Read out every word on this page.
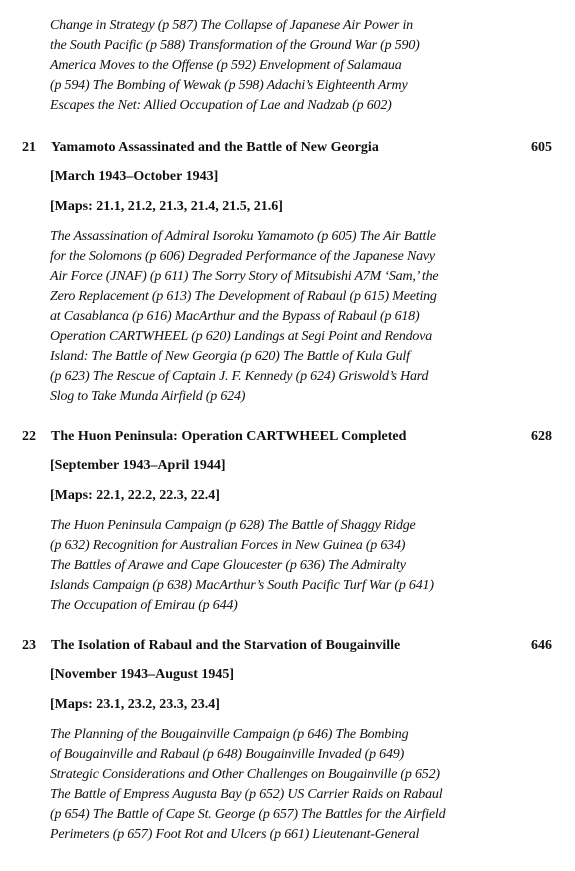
Change in Strategy (p 587) The Collapse of Japanese Air Power in
the South Pacific (p 588) Transformation of the Ground War (p 590)
America Moves to the Offense (p 592) Envelopment of Salamaua
(p 594) The Bombing of Wewak (p 598) Adachi’s Eighteenth Army
Escapes the Net: Allied Occupation of Lae and Nadzab (p 602)
21 Yamamoto Assassinated and the Battle of New Georgia	605
[March 1943–October 1943]
[Maps: 21.1, 21.2, 21.3, 21.4, 21.5, 21.6]
The Assassination of Admiral Isoroku Yamamoto (p 605) The Air Battle
for the Solomons (p 606) Degraded Performance of the Japanese Navy
Air Force (JNAF) (p 611) The Sorry Story of Mitsubishi A7M ‘Sam,’ the
Zero Replacement (p 613) The Development of Rabaul (p 615) Meeting
at Casablanca (p 616) MacArthur and the Bypass of Rabaul (p 618)
Operation CARTWHEEL (p 620) Landings at Segi Point and Rendova
Island: The Battle of New Georgia (p 620) The Battle of Kula Gulf
(p 623) The Rescue of Captain J. F. Kennedy (p 624) Griswold’s Hard
Slog to Take Munda Airfield (p 624)
22 The Huon Peninsula: Operation CARTWHEEL Completed	628
[September 1943–April 1944]
[Maps: 22.1, 22.2, 22.3, 22.4]
The Huon Peninsula Campaign (p 628) The Battle of Shaggy Ridge
(p 632) Recognition for Australian Forces in New Guinea (p 634)
The Battles of Arawe and Cape Gloucester (p 636) The Admiralty
Islands Campaign (p 638) MacArthur’s South Pacific Turf War (p 641)
The Occupation of Emirau (p 644)
23 The Isolation of Rabaul and the Starvation of Bougainville	646
[November 1943–August 1945]
[Maps: 23.1, 23.2, 23.3, 23.4]
The Planning of the Bougainville Campaign (p 646) The Bombing
of Bougainville and Rabaul (p 648) Bougainville Invaded (p 649)
Strategic Considerations and Other Challenges on Bougainville (p 652)
The Battle of Empress Augusta Bay (p 652) US Carrier Raids on Rabaul
(p 654) The Battle of Cape St. George (p 657) The Battles for the Airfield
Perimeters (p 657) Foot Rot and Ulcers (p 661) Lieutenant-General
